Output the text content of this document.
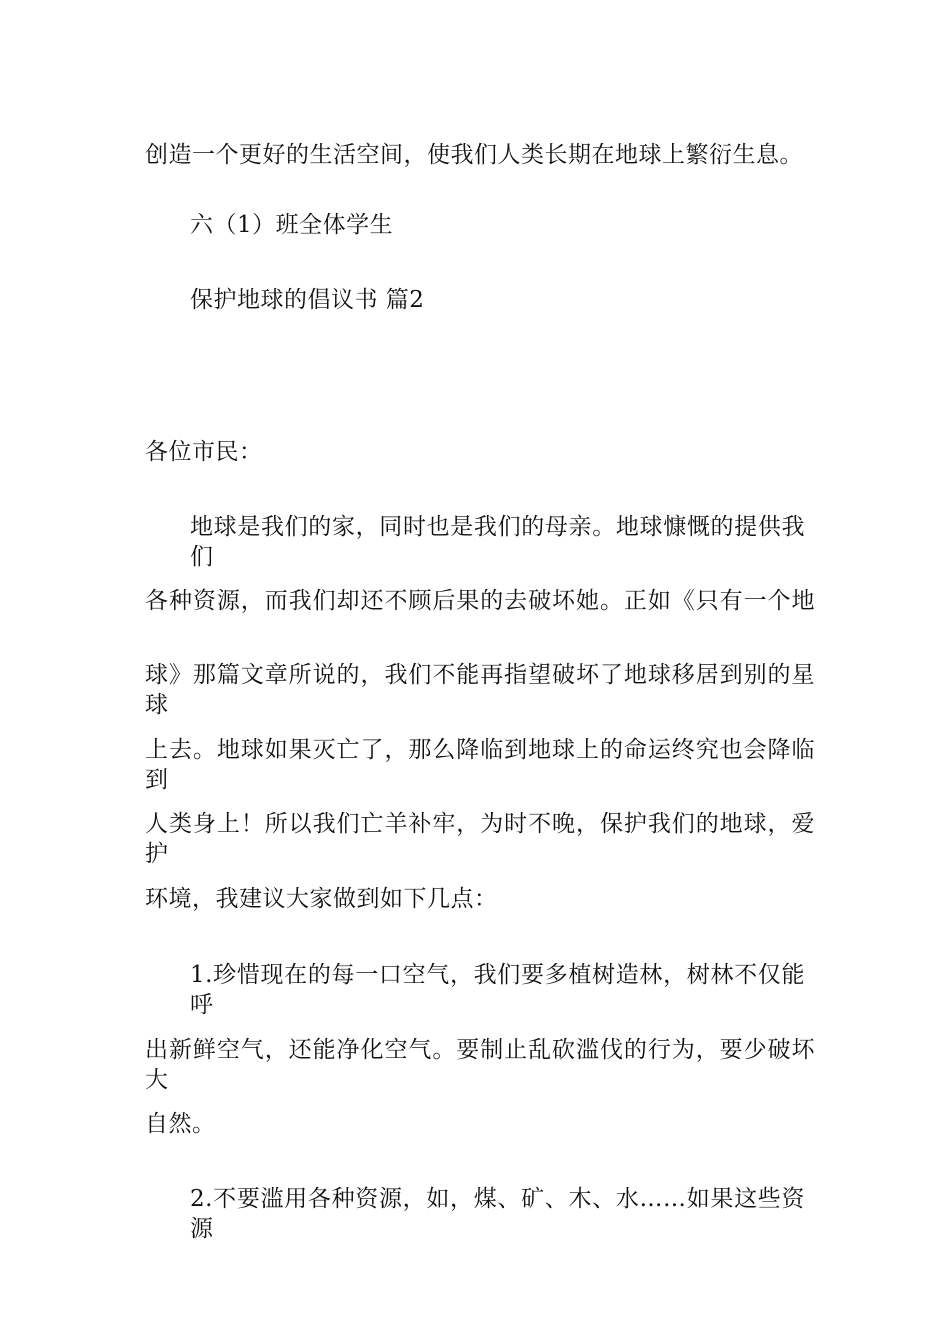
创造一个更好的生活空间，使我们人类长期在地球上繁衍生息。
六（1）班全体学生
保护地球的倡议书 篇2
各位市民：
地球是我们的家，同时也是我们的母亲。地球慷慨的提供我们
各种资源，而我们却还不顾后果的去破坏她。正如《只有一个地
球》那篇文章所说的，我们不能再指望破坏了地球移居到别的星球
上去。地球如果灭亡了，那么降临到地球上的命运终究也会降临到
人类身上！所以我们亡羊补牢，为时不晚，保护我们的地球，爱护
环境，我建议大家做到如下几点：
1.珍惜现在的每一口空气，我们要多植树造林，树林不仅能呼
出新鲜空气，还能净化空气。要制止乱砍滥伐的行为，要少破坏大
自然。
2.不要滥用各种资源，如，煤、矿、木、水……如果这些资源
